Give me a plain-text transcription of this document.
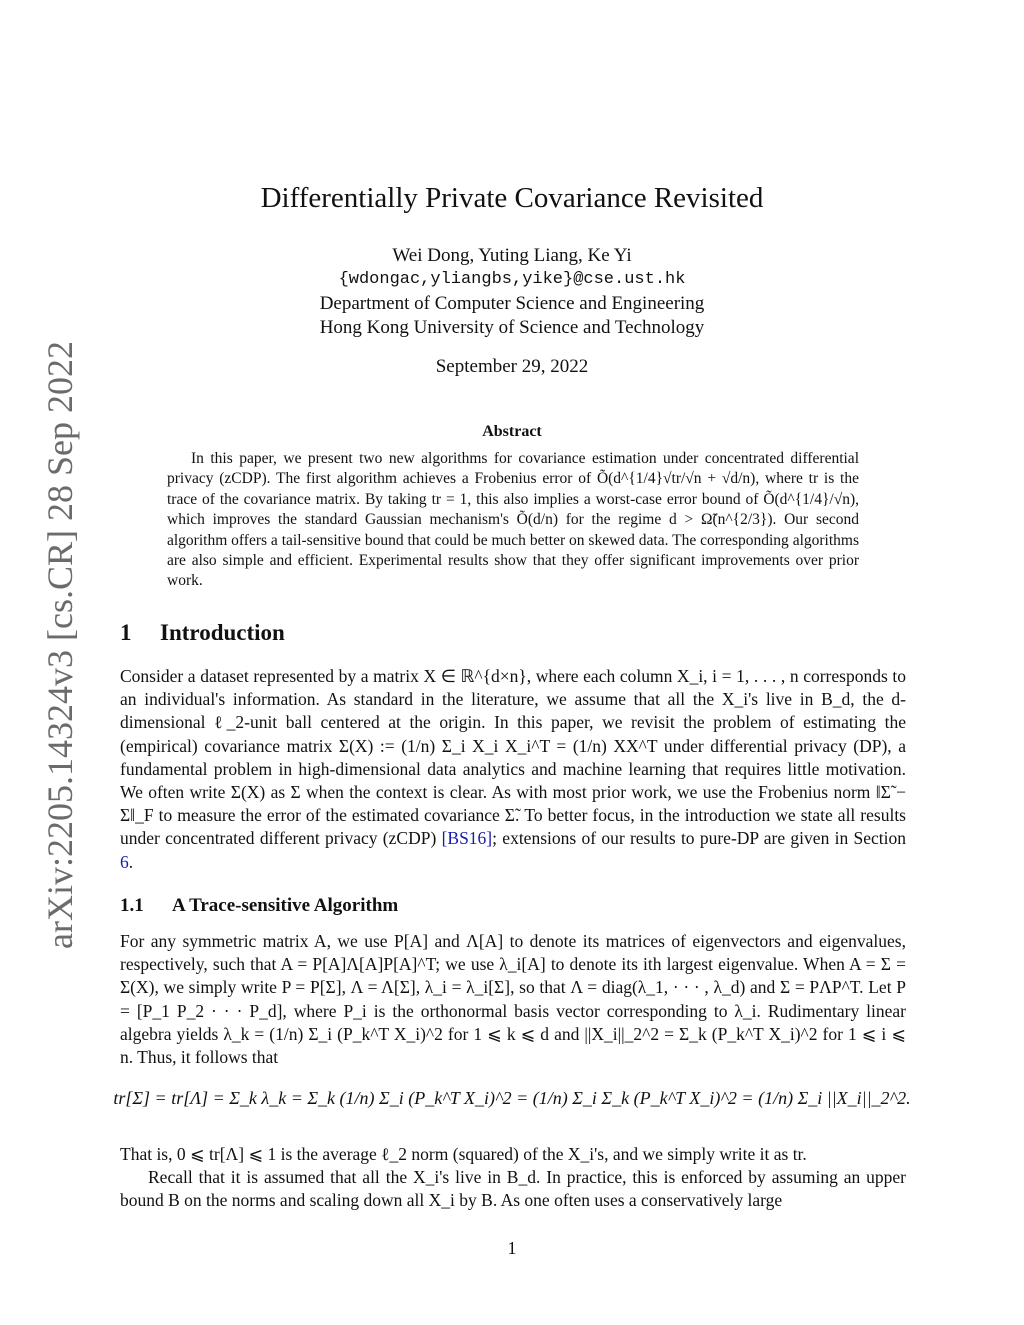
arXiv:2205.14324v3 [cs.CR] 28 Sep 2022
Differentially Private Covariance Revisited
Wei Dong, Yuting Liang, Ke Yi
{wdongac,yliangbs,yike}@cse.ust.hk
Department of Computer Science and Engineering
Hong Kong University of Science and Technology
September 29, 2022
Abstract

In this paper, we present two new algorithms for covariance estimation under concentrated differential privacy (zCDP). The first algorithm achieves a Frobenius error of Õ(d^{1/4}√tr/√n + √d/n), where tr is the trace of the covariance matrix. By taking tr = 1, this also implies a worst-case error bound of Õ(d^{1/4}/√n), which improves the standard Gaussian mechanism's Õ(d/n) for the regime d > Ω̃(n^{2/3}). Our second algorithm offers a tail-sensitive bound that could be much better on skewed data. The corresponding algorithms are also simple and efficient. Experimental results show that they offer significant improvements over prior work.

1 Introduction

Consider a dataset represented by a matrix X ∈ ℝ^{d×n}, where each column X_i, i = 1, . . . , n corresponds to an individual's information. As standard in the literature, we assume that all the X_i's live in B_d, the d-dimensional ℓ_2-unit ball centered at the origin. In this paper, we revisit the problem of estimating the (empirical) covariance matrix Σ(X) := (1/n) Σ_i X_i X_i^T = (1/n) XX^T under differential privacy (DP), a fundamental problem in high-dimensional data analytics and machine learning that requires little motivation. We often write Σ(X) as Σ when the context is clear. As with most prior work, we use the Frobenius norm ‖Σ̃ − Σ‖_F to measure the error of the estimated covariance Σ̃. To better focus, in the introduction we state all results under concentrated different privacy (zCDP) [BS16]; extensions of our results to pure-DP are given in Section 6.

1.1 A Trace-sensitive Algorithm

For any symmetric matrix A, we use P[A] and Λ[A] to denote its matrices of eigenvectors and eigenvalues, respectively, such that A = P[A]Λ[A]P[A]^T; we use λ_i[A] to denote its ith largest eigenvalue. When A = Σ = Σ(X), we simply write P = P[Σ], Λ = Λ[Σ], λ_i = λ_i[Σ], so that Λ = diag(λ_1, · · · , λ_d) and Σ = PΛP^T. Let P = [P_1 P_2 · · · P_d], where P_i is the orthonormal basis vector corresponding to λ_i. Rudimentary linear algebra yields λ_k = (1/n) Σ_i (P_k^T X_i)^2 for 1 ⩽ k ⩽ d and ||X_i||_2^2 = Σ_k (P_k^T X_i)^2 for 1 ⩽ i ⩽ n. Thus, it follows that

tr[Σ] = tr[Λ] = Σ_k λ_k = Σ_k (1/n) Σ_i (P_k^T X_i)^2 = (1/n) Σ_i Σ_k (P_k^T X_i)^2 = (1/n) Σ_i ||X_i||_2^2.

That is, 0 ⩽ tr[Λ] ⩽ 1 is the average ℓ_2 norm (squared) of the X_i's, and we simply write it as tr.

Recall that it is assumed that all the X_i's live in B_d. In practice, this is enforced by assuming an upper bound B on the norms and scaling down all X_i by B. As one often uses a conservatively large

1
